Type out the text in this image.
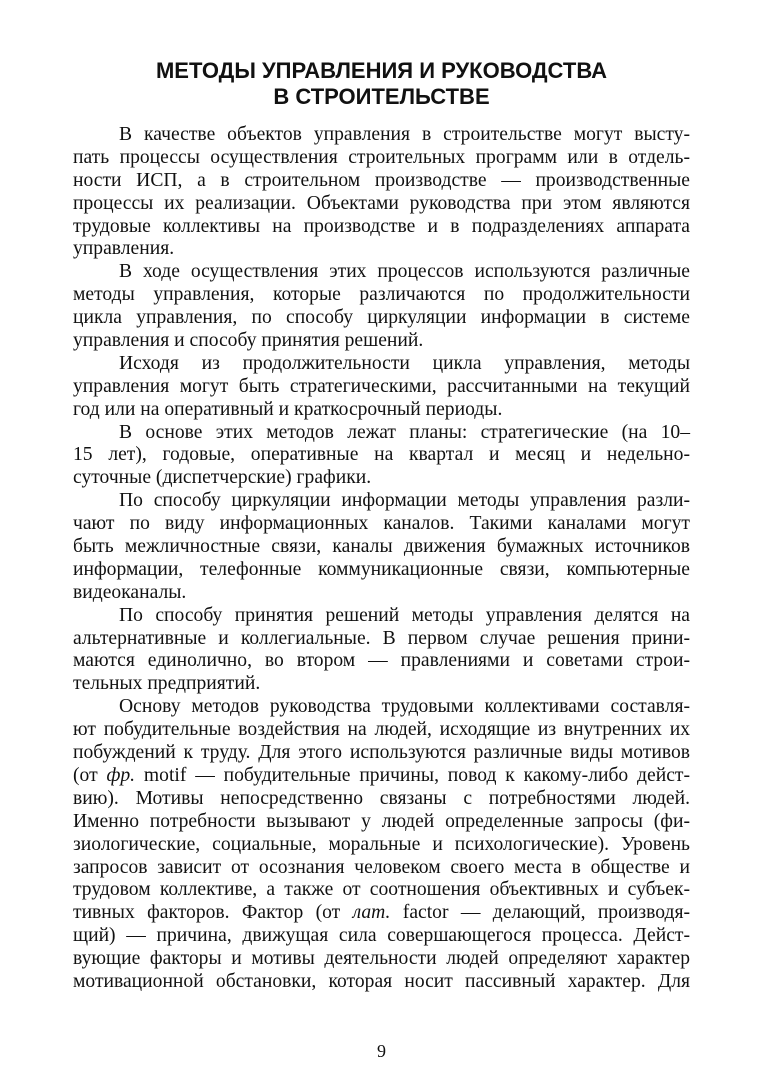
МЕТОДЫ УПРАВЛЕНИЯ И РУКОВОДСТВА
В СТРОИТЕЛЬСТВЕ
В качестве объектов управления в строительстве могут высту-
пать процессы осуществления строительных программ или в отдель-
ности ИСП, а в строительном производстве — производственные
процессы их реализации. Объектами руководства при этом являются
трудовые коллективы на производстве и в подразделениях аппарата
управления.
В ходе осуществления этих процессов используются различные
методы управления, которые различаются по продолжительности
цикла управления, по способу циркуляции информации в системе
управления и способу принятия решений.
Исходя из продолжительности цикла управления, методы
управления могут быть стратегическими, рассчитанными на текущий
год или на оперативный и краткосрочный периоды.
В основе этих методов лежат планы: стратегические (на 10–
15 лет), годовые, оперативные на квартал и месяц и недельно-
суточные (диспетчерские) графики.
По способу циркуляции информации методы управления разли-
чают по виду информационных каналов. Такими каналами могут
быть межличностные связи, каналы движения бумажных источников
информации, телефонные коммуникационные связи, компьютерные
видеоканалы.
По способу принятия решений методы управления делятся на
альтернативные и коллегиальные. В первом случае решения прини-
маются единолично, во втором — правлениями и советами строи-
тельных предприятий.
Основу методов руководства трудовыми коллективами составля-
ют побудительные воздействия на людей, исходящие из внутренних их
побуждений к труду. Для этого используются различные виды мотивов
(от фр. motif — побудительные причины, повод к какому-либо дейст-
вию). Мотивы непосредственно связаны с потребностями людей.
Именно потребности вызывают у людей определенные запросы (фи-
зиологические, социальные, моральные и психологические). Уровень
запросов зависит от осознания человеком своего места в обществе и
трудовом коллективе, а также от соотношения объективных и субъек-
тивных факторов. Фактор (от лат. factor — делающий, производя-
щий) — причина, движущая сила совершающегося процесса. Дейст-
вующие факторы и мотивы деятельности людей определяют характер
мотивационной обстановки, которая носит пассивный характер. Для
9
